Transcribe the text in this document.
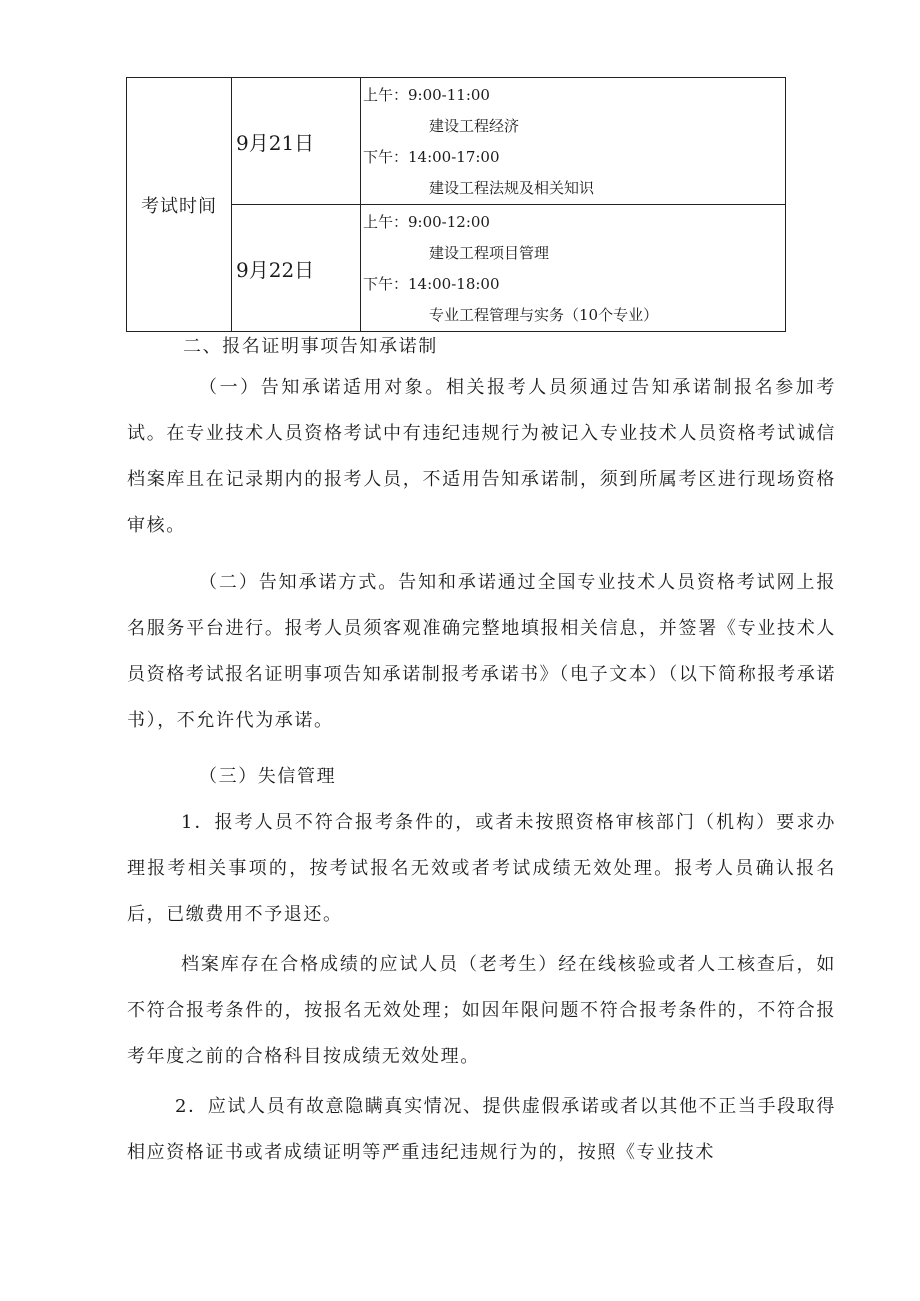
考试时间	9月21日	上午：9:00-11:00
建设工程经济
下午：14:00-17:00
建设工程法规及相关知识

	9月22日	上午：9:00-12:00
建设工程项目管理
下午：14:00-18:00
专业工程管理与实务（10个专业）
二、报名证明事项告知承诺制

（一）告知承诺适用对象。相关报考人员须通过告知承诺制报名参加考试。在专业技术人员资格考试中有违纪违规行为被记入专业技术人员资格考试诚信档案库且在记录期内的报考人员，不适用告知承诺制，须到所属考区进行现场资格审核。

（二）告知承诺方式。告知和承诺通过全国专业技术人员资格考试网上报名服务平台进行。报考人员须客观准确完整地填报相关信息，并签署《专业技术人员资格考试报名证明事项告知承诺制报考承诺书》（电子文本）（以下简称报考承诺书），不允许代为承诺。

（三）失信管理

1．报考人员不符合报考条件的，或者未按照资格审核部门（机构）要求办理报考相关事项的，按考试报名无效或者考试成绩无效处理。报考人员确认报名后，已缴费用不予退还。

档案库存在合格成绩的应试人员（老考生）经在线核验或者人工核查后，如不符合报考条件的，按报名无效处理；如因年限问题不符合报考条件的，不符合报考年度之前的合格科目按成绩无效处理。

2．应试人员有故意隐瞒真实情况、提供虚假承诺或者以其他不正当手段取得相应资格证书或者成绩证明等严重违纪违规行为的，按照《专业技术
